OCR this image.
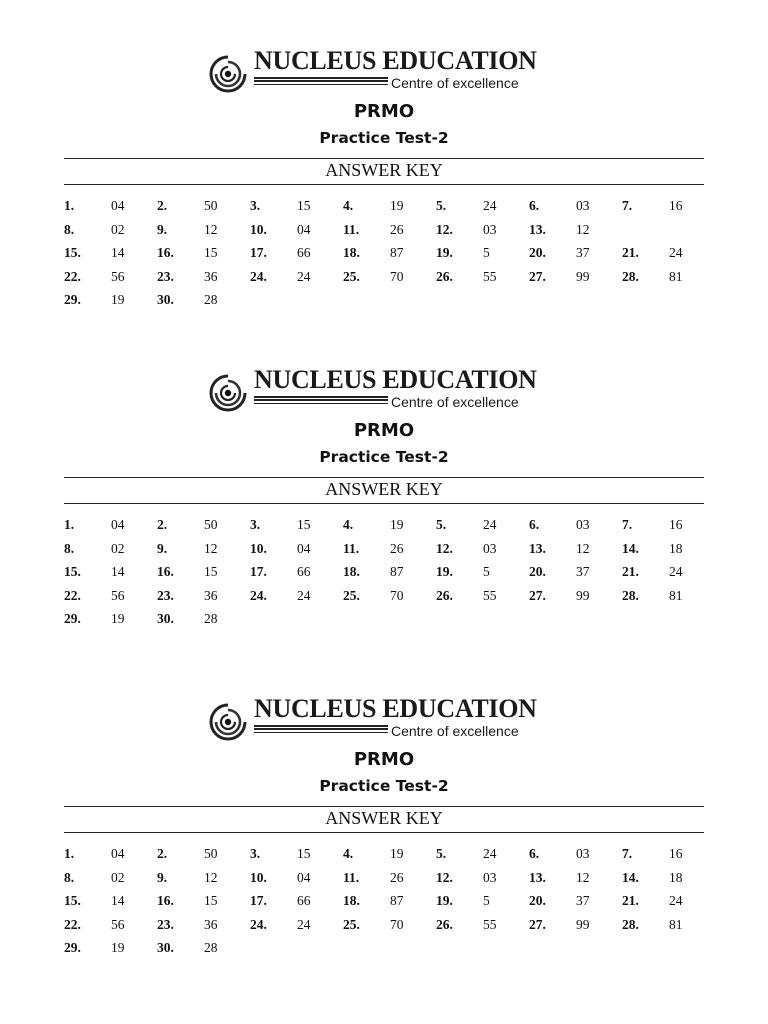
NUCLEUS EDUCATION
Centre of excellence
PRMO
Practice Test-2
ANSWER KEY
1.	04 2.	50 3.	15 4.	19 5.	24 6.	03 7.	16
8.	02 9.	12 10. 04 11. 26 12. 03 13. 12
15. 14 16. 15 17. 66 18. 87 19. 5	20. 37 21. 24
22. 56 23. 36 24. 24 25. 70 26. 55 27. 99 28. 81
29. 19 30. 28
NUCLEUS EDUCATION
Centre of excellence
PRMO
Practice Test-2
ANSWER KEY
1.	04 2.	50 3.	15 4.	19 5.	24 6.	03 7.	16
8.	02 9.	12 10. 04 11. 26 12. 03 13. 12 14. 18
15. 14 16. 15 17. 66 18. 87 19. 5	20. 37 21. 24
22. 56 23. 36 24. 24 25. 70 26. 55 27. 99 28. 81
29. 19 30. 28
NUCLEUS EDUCATION
Centre of excellence
PRMO
Practice Test-2
ANSWER KEY
1.	04 2.	50 3.	15 4.	19 5.	24 6.	03 7.	16
8.	02 9.	12 10. 04 11. 26 12. 03 13. 12 14. 18
15. 14 16. 15 17. 66 18. 87 19. 5	20. 37 21. 24
22. 56 23. 36 24. 24 25. 70 26. 55 27. 99 28. 81
29. 19 30. 28
